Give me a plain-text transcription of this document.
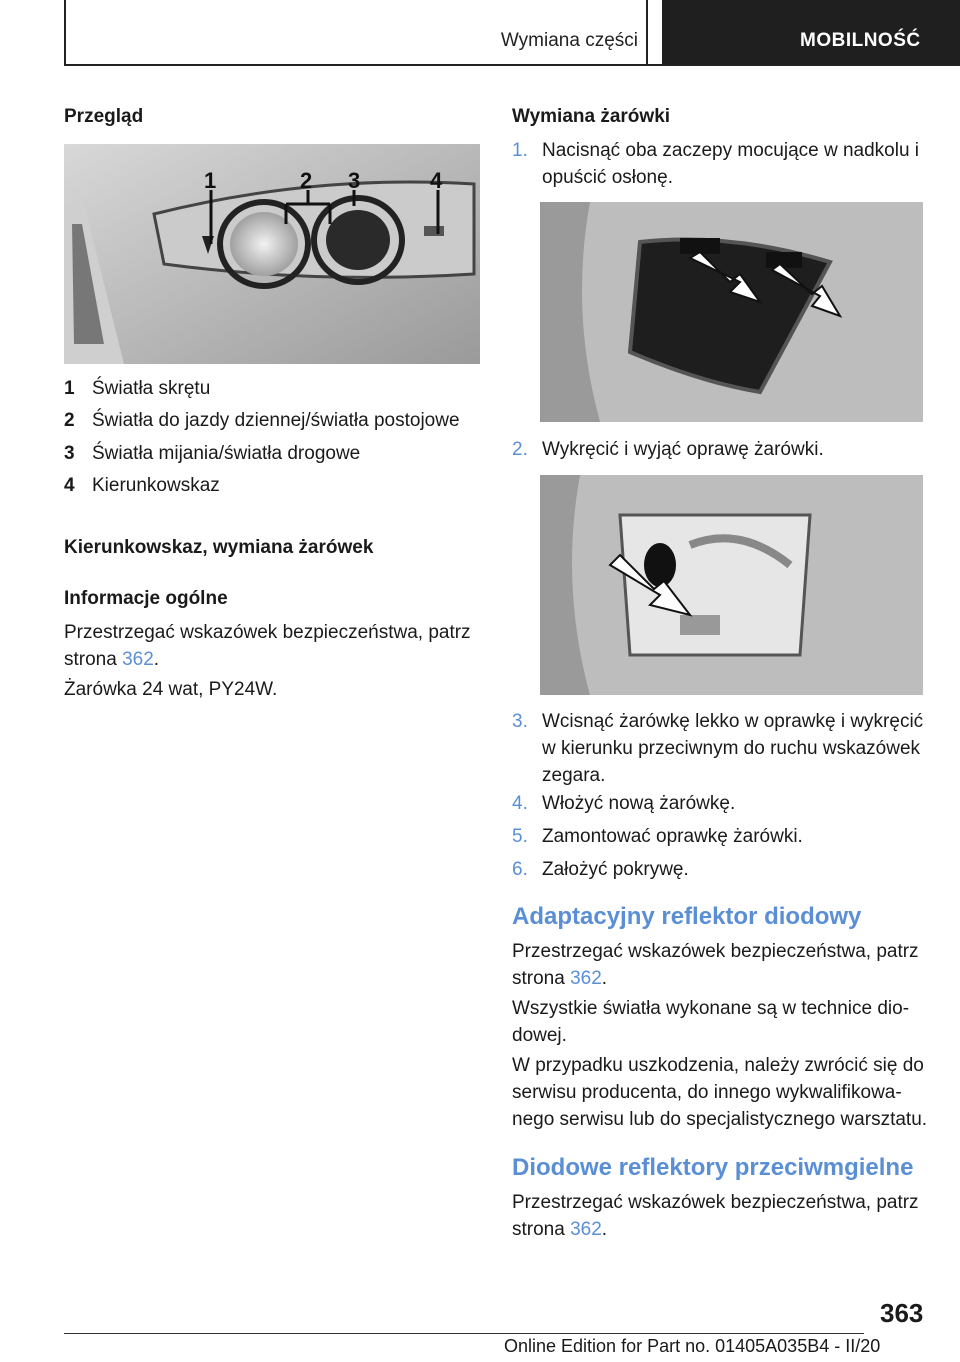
Wymiana części	MOBILNOŚĆ
Przegląd
1	2 3	4
1 Światła skrętu
2 Światła do jazdy dziennej/światła postojowe
3 Światła mijania/światła drogowe
4 Kierunkowskaz
Kierunkowskaz, wymiana żarówek
Informacje ogólne
Przestrzegać wskazówek bezpieczeństwa, patrz strona 362.
Żarówka 24 wat, PY24W.
Wymiana żarówki
1. Nacisnąć oba zaczepy mocujące w nadkolu i opuścić osłonę.
2. Wykręcić i wyjąć oprawę żarówki.
3. Wcisnąć żarówkę lekko w oprawkę i wykręcić w kierunku przeciwnym do ruchu wskazówek zegara.
4. Włożyć nową żarówkę.
5. Zamontować oprawkę żarówki.
6. Założyć pokrywę.
Adaptacyjny reflektor diodowy
Przestrzegać wskazówek bezpieczeństwa, patrz strona 362.
Wszystkie światła wykonane są w technice diodowej.
W przypadku uszkodzenia, należy zwrócić się do serwisu producenta, do innego wykwalifikowanego serwisu lub do specjalistycznego warsztatu.
Diodowe reflektory przeciwmgielne
Przestrzegać wskazówek bezpieczeństwa, patrz strona 362.
363
Online Edition for Part no. 01405A035B4 - II/20
